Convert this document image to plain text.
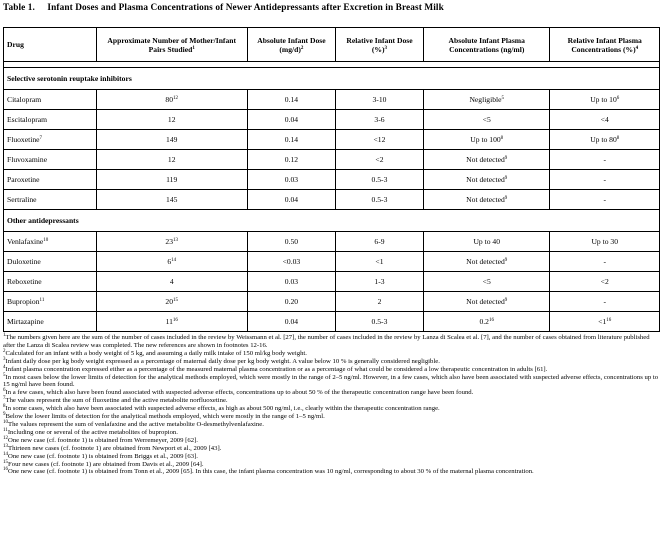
Table 1. Infant Doses and Plasma Concentrations of Newer Antidepressants after Excretion in Breast Milk
Drug	Approximate Number of Mother/Infant Pairs Studied$^1$	Absolute Infant Dose $(mg/d)^2$	Relative Infant Dose (%)$^3$	Absolute Infant Plasma Concentrations (ng/ml)	Relative Infant Plasma Concentrations (%)$^4$

Selective serotonin reuptake inhibitors					
Citalopram	$80^{12}$	0.14	3-10	Negligible$^5$	Up to $10^6$
Escitalopram	12	0.04	3-6	<5	<4
Fluoxetine$^7$	149	0.14	<12	Up to $100^8$	Up to $80^8$
Fluvoxamine	12	0.12	<2	Not detected$^9$	-
Paroxetine	119	0.03	0.5-3	Not detected$^9$	-
Sertraline	145	0.04	0.5-3	Not detected$^9$	-
Other antidepressants					
Venlafaxine$^{10}$	$23^{13}$	0.50	6-9	Up to 40	Up to 30
Duloxetine	$6^{14}$	<0.03	<1	Not detected$^9$	-
Reboxetine	4	0.03	1-3	<5	<2
Bupropion$^{11}$	$20^{15}$	0.20	2	Not detected$^9$	-
Mirtazapine	$11^{16}$	0.04	0.5-3	$0.2^{16}$	$<1^{16}$
$^1$The numbers given here are the sum of the number of cases included in the review by Weissmann et al. [27], the number of cases included in the review by Lanza di Scalea et al. [7], and the number of cases obtained from literature published after the Lanza di Scalea review was completed. The new references are shown in footnotes 12-16.
$^2$Calculated for an infant with a body weight of 5 kg, and assuming a daily milk intake of 150 ml/kg body weight.
$^3$Infant daily dose per kg body weight expressed as a percentage of maternal daily dose per kg body weight. A value below 10 % is generally considered negligible.
$^4$Infant plasma concentration expressed either as a percentage of the measured maternal plasma concentration or as a percentage of what could be considered a low therapeutic concentration in adults [61].
$^5$In most cases below the lower limits of detection for the analytical methods employed, which were mostly in the range of 2–5 ng/ml. However, in a few cases, which also have been associated with suspected adverse effects, concentrations up to 15 ng/ml have been found.
$^6$In a few cases, which also have been found associated with suspected adverse effects, concentrations up to about 50 % of the therapeutic concentration range have been found.
$^7$The values represent the sum of fluoxetine and the active metabolite norfluoxetine.
$^8$In some cases, which also have been associated with suspected adverse effects, as high as about 500 ng/ml, i.e., clearly within the therapeutic concentration range.
$^9$Below the lower limits of detection for the analytical methods employed, which were mostly in the range of 1–5 ng/ml.
$^{10}$The values represent the sum of venlafaxine and the active metabolite O-desmethylvenlafaxine.
$^{11}$Including one or several of the active metabolites of bupropion.
$^{12}$One new case (cf. footnote 1) is obtained from Werremeyer, 2009 [62].
$^{13}$Thirteen new cases (cf. footnote 1) are obtained from Newport et al., 2009 [43].
$^{14}$One new case (cf. footnote 1) is obtained from Briggs et al., 2009 [63].
$^{15}$Four new cases (cf. footnote 1) are obtained from Davis et al., 2009 [64].
$^{16}$One new case (cf. footnote 1) is obtained from Tonn et al., 2009 [65]. In this case, the infant plasma concentration was 10 ng/ml, corresponding to about 30 % of the maternal plasma concentration.
